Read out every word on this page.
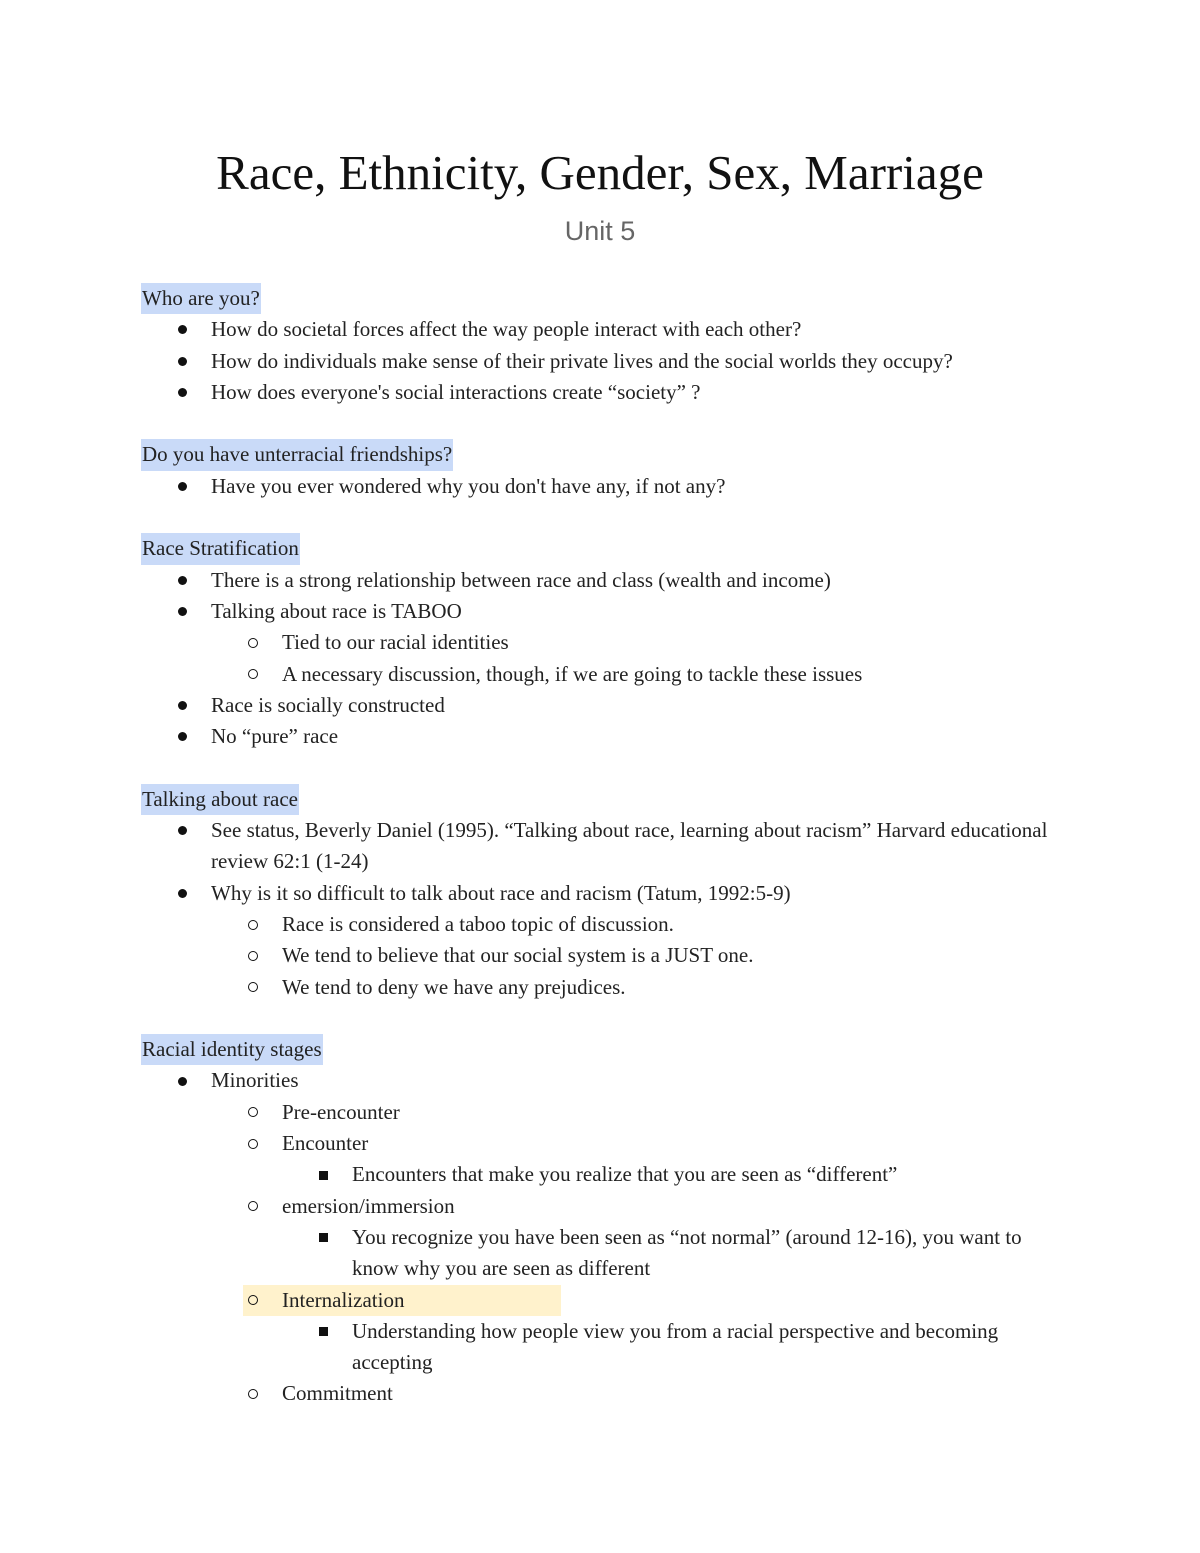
Race, Ethnicity, Gender, Sex, Marriage
Unit 5
Who are you?
How do societal forces affect the way people interact with each other?
How do individuals make sense of their private lives and the social worlds they occupy?
How does everyone's social interactions create “society” ?
Do you have unterracial friendships?
Have you ever wondered why you don't have any, if not any?
Race Stratification
There is a strong relationship between race and class (wealth and income)
Talking about race is TABOO
Tied to our racial identities
A necessary discussion, though, if we are going to tackle these issues
Race is socially constructed
No “pure” race
Talking about race
See status, Beverly Daniel (1995). “Talking about race, learning about racism” Harvard educational review 62:1 (1-24)
Why is it so difficult to talk about race and racism (Tatum, 1992:5-9)
Race is considered a taboo topic of discussion.
We tend to believe that our social system is a JUST one.
We tend to deny we have any prejudices.
Racial identity stages
Minorities
Pre-encounter
Encounter
Encounters that make you realize that you are seen as “different”
emersion/immersion
You recognize you have been seen as “not normal” (around 12-16), you want to know why you are seen as different
Internalization
Understanding how people view you from a racial perspective and becoming accepting
Commitment
